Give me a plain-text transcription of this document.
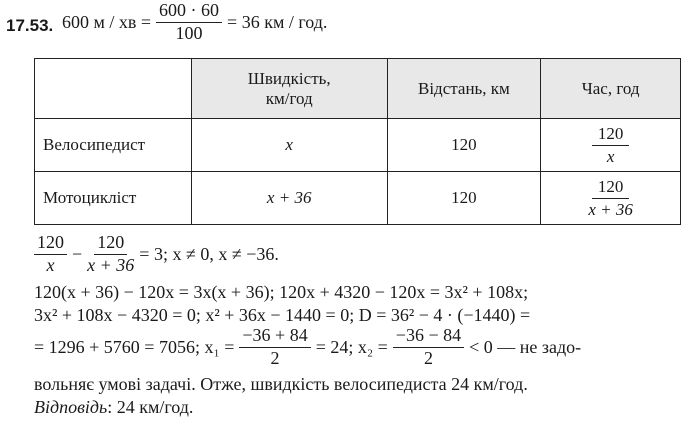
17.53. 600 м / хв = $\frac{600 \cdot 60}{100} = 36$ км / год.

	Швидкість,
км/год	Відстань, км	Час, год
Велосипедист	x	120	$\frac{120}{x}$

Мотоцикліст	x + 36	120	$\frac{120}{x + 36}$
$\frac{120}{x} - \frac{120}{x + 36} = 3$; x ≠ 0, x ≠ −36.
120(x + 36) − 120x = 3x(x + 36); 120x + 4320 − 120x = 3x² + 108x;
3x² + 108x − 4320 = 0; x² + 36x − 1440 = 0; D = 36² − 4 · (−1440) =
= 1296 + 5760 = 7056; $x_1 = \frac{-36 + 84}{2} = 24$; $x_2 = \frac{-36 - 84}{2} < 0$ — не задо-
вольняє умові задачі. Отже, швидкість велосипедиста 24 км/год.
Відповідь: 24 км/год.
